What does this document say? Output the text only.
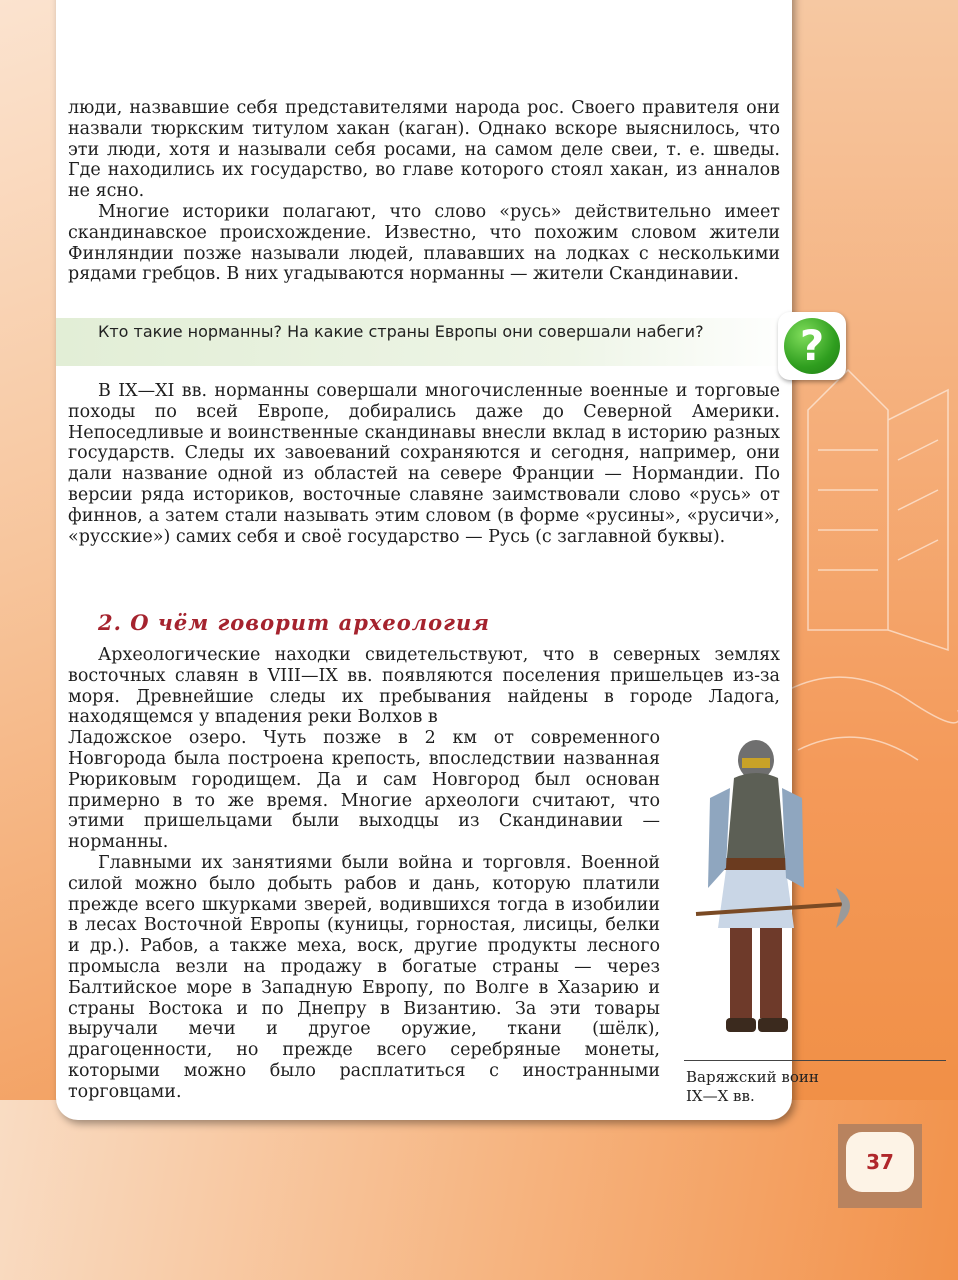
люди, назвавшие себя представителями народа рос. Своего правителя они назвали тюркским титулом хакан (каган). Однако вскоре выяснилось, что эти люди, хотя и называли себя росами, на самом деле свеи, т. е. шведы. Где находились их государство, во главе которого стоял хакан, из анналов не ясно.

Многие историки полагают, что слово «русь» действительно имеет скандинавское происхождение. Известно, что похожим словом жители Финляндии позже называли людей, плававших на лодках с несколькими рядами гребцов. В них угадываются норманны — жители Скандинавии.

Кто такие норманны? На какие страны Европы они совершали набеги?	?

В IX—XI вв. норманны совершали многочисленные военные и торговые походы по всей Европе, добирались даже до Северной Америки. Непоседливые и воинственные скандинавы внесли вклад в историю разных государств. Следы их завоеваний сохраняются и сегодня, например, они дали название одной из областей на севере Франции — Нормандии. По версии ряда историков, восточные славяне заимствовали слово «русь» от финнов, а затем стали называть этим словом (в форме «русины», «русичи», «русские») самих себя и своё государство — Русь (с заглавной буквы).

2. О чём говорит археология

Археологические находки свидетельствуют, что в северных землях восточных славян в VIII—IX вв. появляются поселения пришельцев из-за моря. Древнейшие следы их пребывания найдены в городе Ладога, находящемся у впадения реки Волхов в

Ладожское озеро. Чуть позже в 2 км от современного Новгорода была построена крепость, впоследствии названная Рюриковым городищем. Да и сам Новгород был основан примерно в то же время. Многие археологи считают, что этими пришельцами были выходцы из Скандинавии — норманны.

Главными их занятиями были война и торговля. Военной силой можно было добыть рабов и дань, которую платили прежде всего шкурками зверей, водившихся тогда в изобилии в лесах Восточной Европы (куницы, горностая, лисицы, белки и др.). Рабов, а также меха, воск, другие продукты лесного промысла везли на продажу в богатые страны — через Балтийское море в Западную Европу, по Волге в Хазарию и страны Востока и по Днепру в Византию. За эти товары выручали мечи и другое оружие, ткани (шёлк), драгоценности, но прежде всего серебряные монеты, которыми можно было расплатиться с иностранными торговцами.

Варяжский воин
IX—X вв.
37
